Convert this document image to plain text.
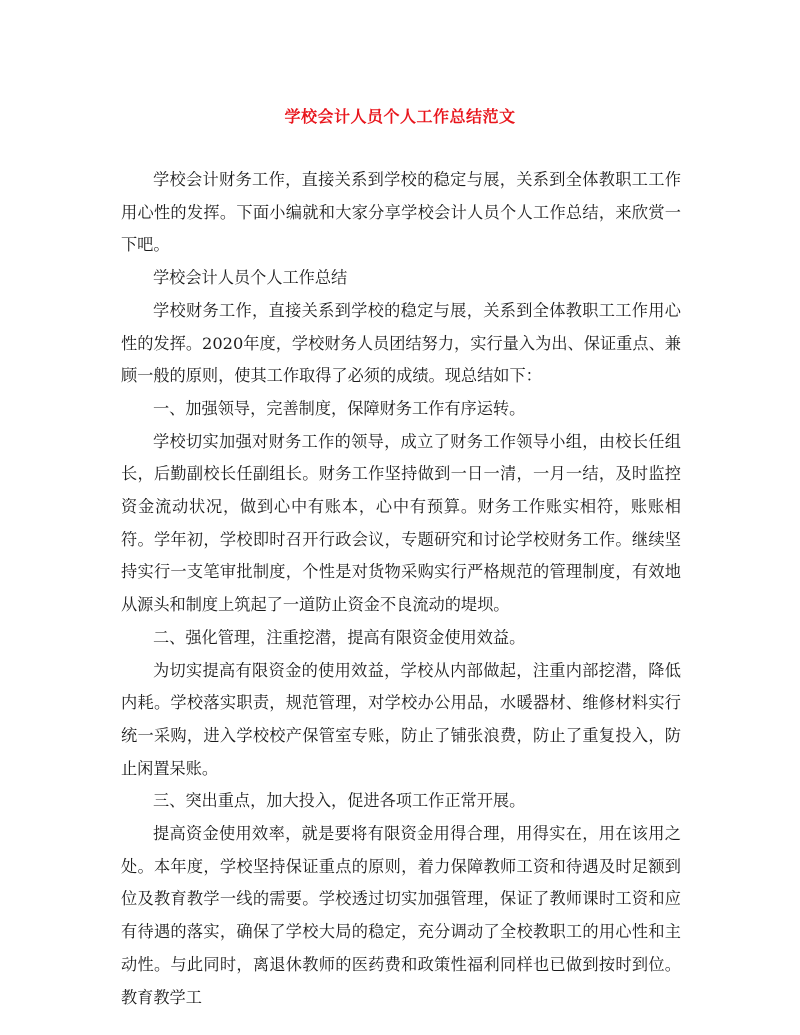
学校会计人员个人工作总结范文

学校会计财务工作，直接关系到学校的稳定与展，关系到全体教职工工作用心性的发挥。下面小编就和大家分享学校会计人员个人工作总结，来欣赏一下吧。

学校会计人员个人工作总结

学校财务工作，直接关系到学校的稳定与展，关系到全体教职工工作用心性的发挥。2020年度，学校财务人员团结努力，实行量入为出、保证重点、兼顾一般的原则，使其工作取得了必须的成绩。现总结如下：

一、加强领导，完善制度，保障财务工作有序运转。

学校切实加强对财务工作的领导，成立了财务工作领导小组，由校长任组长，后勤副校长任副组长。财务工作坚持做到一日一清，一月一结，及时监控资金流动状况，做到心中有账本，心中有预算。财务工作账实相符，账账相符。学年初，学校即时召开行政会议，专题研究和讨论学校财务工作。继续坚持实行一支笔审批制度，个性是对货物采购实行严格规范的管理制度，有效地从源头和制度上筑起了一道防止资金不良流动的堤坝。

二、强化管理，注重挖潜，提高有限资金使用效益。

为切实提高有限资金的使用效益，学校从内部做起，注重内部挖潜，降低内耗。学校落实职责，规范管理，对学校办公用品，水暖器材、维修材料实行统一采购，进入学校校产保管室专账，防止了铺张浪费，防止了重复投入，防止闲置呆账。

三、突出重点，加大投入，促进各项工作正常开展。

提高资金使用效率，就是要将有限资金用得合理，用得实在，用在该用之处。本年度，学校坚持保证重点的原则，着力保障教师工资和待遇及时足额到位及教育教学一线的需要。学校透过切实加强管理，保证了教师课时工资和应有待遇的落实，确保了学校大局的稳定，充分调动了全校教职工的用心性和主动性。与此同时，离退休教师的医药费和政策性福利同样也已做到按时到位。教育教学工
